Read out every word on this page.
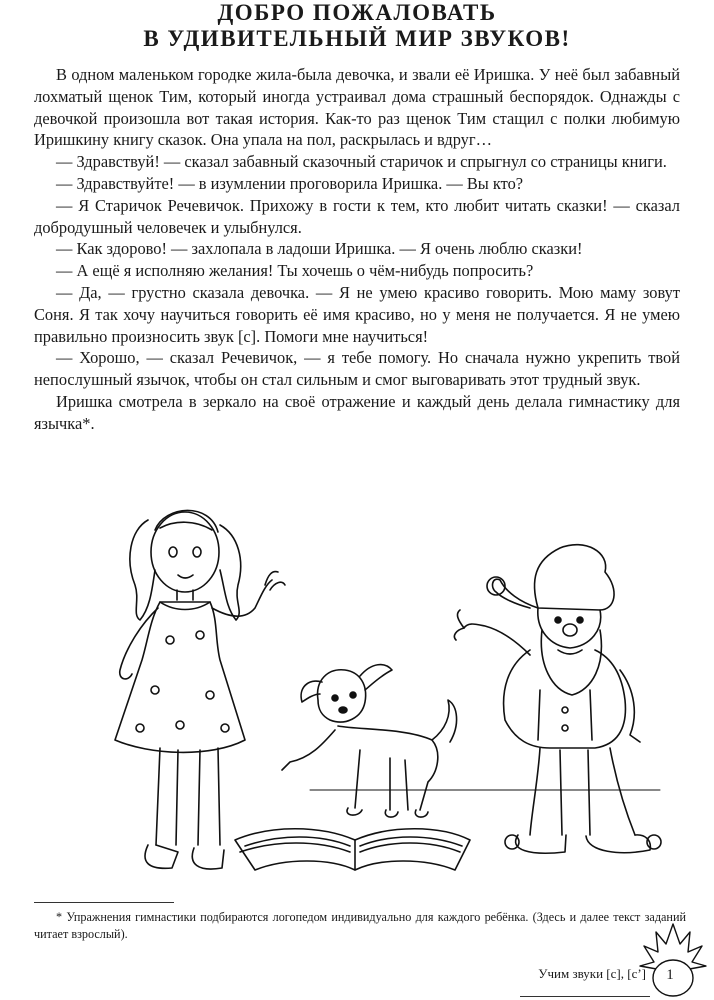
ДОБРО ПОЖАЛОВАТЬ
В УДИВИТЕЛЬНЫЙ МИР ЗВУКОВ!

В одном маленьком городке жила-была девочка, и звали её Иришка. У неё был забавный лохматый щенок Тим, который иногда устраивал дома страшный беспорядок. Однажды с девочкой произошла вот такая история. Как-то раз щенок Тим стащил с полки любимую Иришкину книгу сказок. Она упала на пол, раскрылась и вдруг…

— Здравствуй! — сказал забавный сказочный старичок и спрыгнул со страницы книги.

— Здравствуйте! — в изумлении проговорила Иришка. — Вы кто?

— Я Старичок Речевичок. Прихожу в гости к тем, кто любит читать сказки! — сказал добродушный человечек и улыбнулся.

— Как здорово! — захлопала в ладоши Иришка. — Я очень люблю сказки!

— А ещё я исполняю желания! Ты хочешь о чём-нибудь попросить?

— Да, — грустно сказала девочка. — Я не умею красиво говорить. Мою маму зовут Соня. Я так хочу научиться говорить её имя красиво, но у меня не получается. Я не умею правильно произносить звук [с]. Помоги мне научиться!

— Хорошо, — сказал Речевичок, — я тебе помогу. Но сначала нужно укрепить твой непослушный язычок, чтобы он стал сильным и смог выговаривать этот трудный звук.

Иришка смотрела в зеркало на своё отражение и каждый день делала гимнастику для язычка*.

* Упражнения гимнастики подбираются логопедом индивидуально для каждого ребёнка. (Здесь и далее текст заданий читает взрослый).
Учим звуки [с], [с’]	1
